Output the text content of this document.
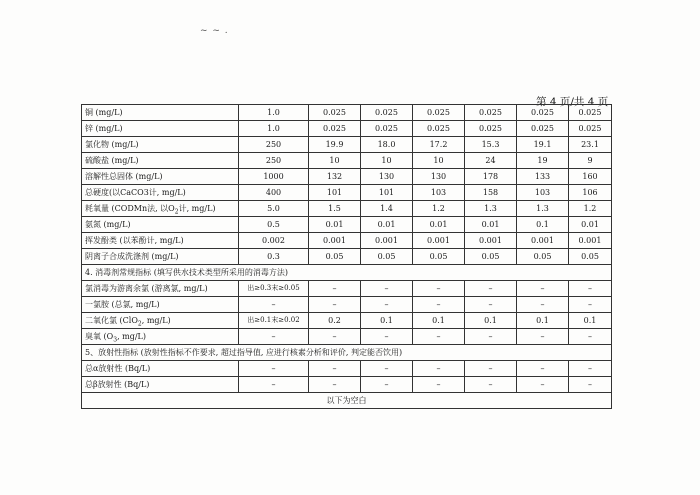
~ ~ .
第 4 页/共 4 页
铜 (mg/L)	1.0	0.025	0.025	0.025	0.025	0.025	0.025
锌 (mg/L)	1.0	0.025	0.025	0.025	0.025	0.025	0.025
氯化物 (mg/L)	250	19.9	18.0	17.2	15.3	19.1	23.1
硫酸盐 (mg/L)	250	10	10	10	24	19	9
溶解性总固体 (mg/L)	1000	132	130	130	178	133	160
总硬度(以CaCO3计, mg/L)	400	101	101	103	158	103	106
耗氧量 (CODMn法, 以$O_2$计, mg/L)	5.0	1.5	1.4	1.2	1.3	1.3	1.2
氨氮 (mg/L)	0.5	0.01	0.01	0.01	0.01	0.1	0.01
挥发酚类 (以苯酚计, mg/L)	0.002	0.001	0.001	0.001	0.001	0.001	0.001
阴离子合成洗涤剂 (mg/L)	0.3	0.05	0.05	0.05	0.05	0.05	0.05
4. 消毒剂常规指标 (填写供水技术类型所采用的消毒方法)							
氯消毒为游离余氯 (游离氯, mg/L)	出≥0.3末≥0.05	–	–	–	–	–	–
一氯胺 (总氯, mg/L)	–	–	–	–	–	–	–
二氧化氯 (ClO$_2$, mg/L)	出≥0.1末≥0.02	0.2	0.1	0.1	0.1	0.1	0.1
臭氧 ($O_3$, mg/L)	–	–	–	–	–	–	–
5、放射性指标 (放射性指标不作要求, 超过指导值, 应进行核素分析和评价, 判定能否饮用)							
总α放射性 (Bq/L)	–	–	–	–	–	–	–
总β放射性 (Bq/L)	–	–	–	–	–	–	–
以下为空白							
